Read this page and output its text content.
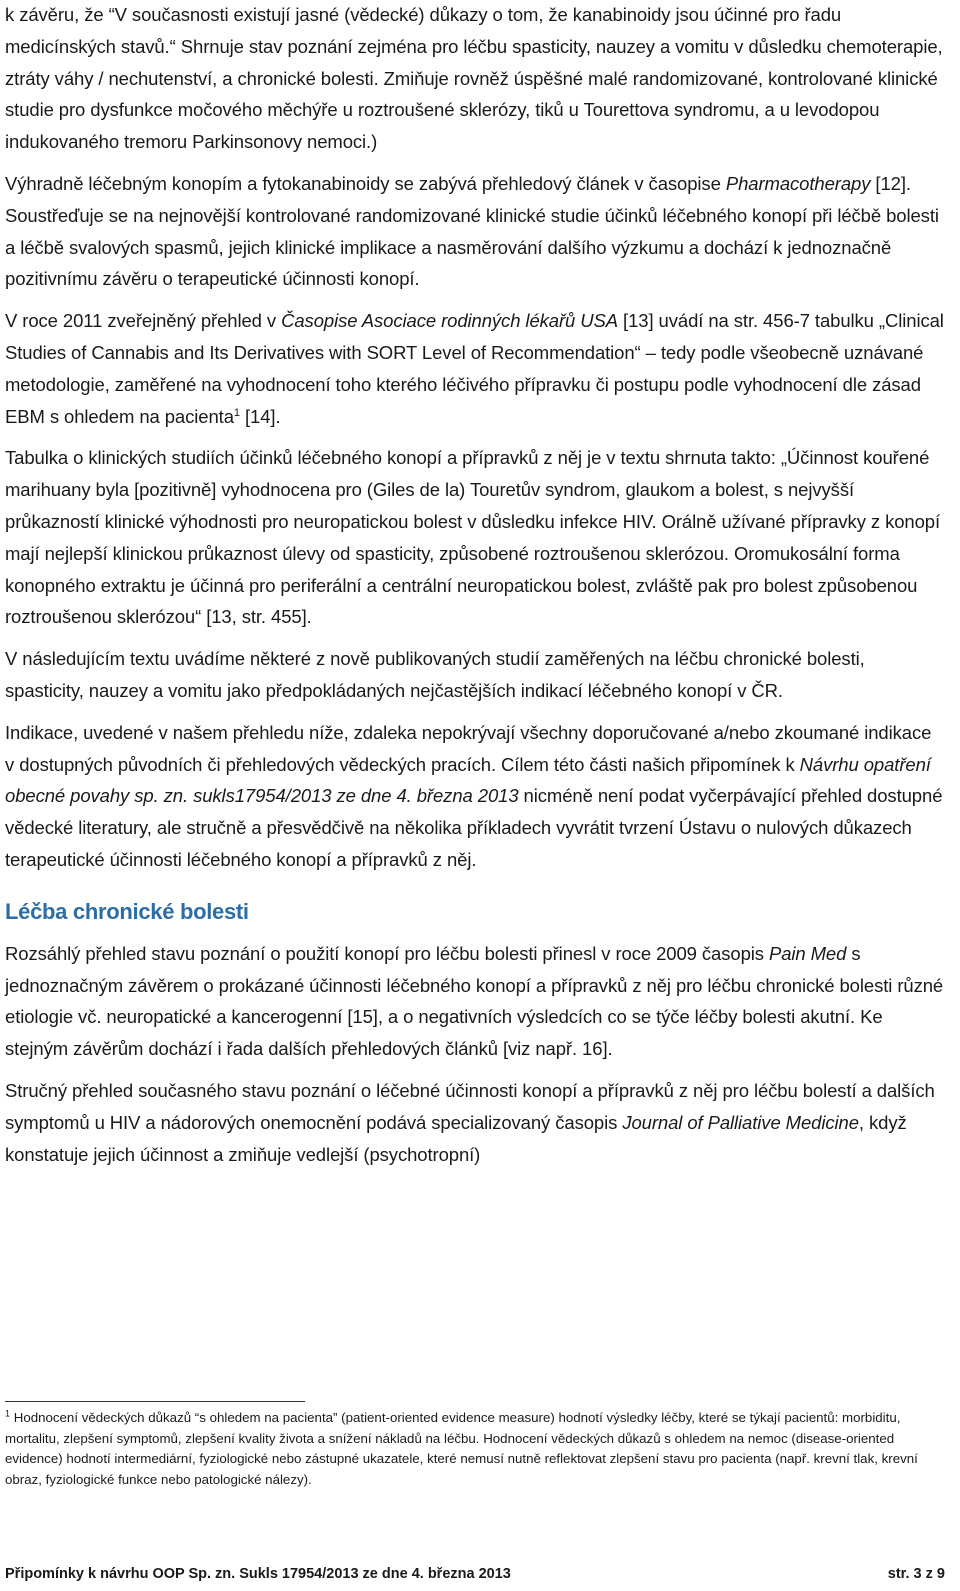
k závěru, že “V současnosti existují jasné (vědecké) důkazy o tom, že kanabinoidy jsou účinné pro řadu medicínských stavů.“ Shrnuje stav poznání zejména pro léčbu spasticity, nauzey a vomitu v důsledku chemoterapie, ztráty váhy / nechutenství, a chronické bolesti. Zmiňuje rovněž úspěšné malé randomizované, kontrolované klinické studie pro dysfunkce močového měchýře u roztroušené sklerózy, tiků u Tourettova syndromu, a u levodopou indukovaného tremoru Parkinsonovy nemoci.)

Výhradně léčebným konopím a fytokanabinoidy se zabývá přehledový článek v časopise Pharmacotherapy [12]. Soustřeďuje se na nejnovější kontrolované randomizované klinické studie účinků léčebného konopí při léčbě bolesti a léčbě svalových spasmů, jejich klinické implikace a nasměrování dalšího výzkumu a dochází k jednoznačně pozitivnímu závěru o terapeutické účinnosti konopí.

V roce 2011 zveřejněný přehled v Časopise Asociace rodinných lékařů USA [13] uvádí na str. 456-7 tabulku „Clinical Studies of Cannabis and Its Derivatives with SORT Level of Recommendation“ – tedy podle všeobecně uznávané metodologie, zaměřené na vyhodnocení toho kterého léčivého přípravku či postupu podle vyhodnocení dle zásad EBM s ohledem na pacienta$^1$ [14].

Tabulka o klinických studiích účinků léčebného konopí a přípravků z něj je v textu shrnuta takto: „Účinnost kouřené marihuany byla [pozitivně] vyhodnocena pro (Giles de la) Touretův syndrom, glaukom a bolest, s nejvyšší průkazností klinické výhodnosti pro neuropatickou bolest v důsledku infekce HIV. Orálně užívané přípravky z konopí mají nejlepší klinickou průkaznost úlevy od spasticity, způsobené roztroušenou sklerózou. Oromukosální forma konopného extraktu je účinná pro periferální a centrální neuropatickou bolest, zvláště pak pro bolest způsobenou roztroušenou sklerózou“ [13, str. 455].

V následujícím textu uvádíme některé z nově publikovaných studií zaměřených na léčbu chronické bolesti, spasticity, nauzey a vomitu jako předpokládaných nejčastějších indikací léčebného konopí v ČR.

Indikace, uvedené v našem přehledu níže, zdaleka nepokrývají všechny doporučované a/nebo zkoumané indikace v dostupných původních či přehledových vědeckých pracích. Cílem této části našich připomínek k Návrhu opatření obecné povahy sp. zn. sukls17954/2013 ze dne 4. března 2013 nicméně není podat vyčerpávající přehled dostupné vědecké literatury, ale stručně a přesvědčivě na několika příkladech vyvrátit tvrzení Ústavu o nulových důkazech terapeutické účinnosti léčebného konopí a přípravků z něj.

Léčba chronické bolesti

Rozsáhlý přehled stavu poznání o použití konopí pro léčbu bolesti přinesl v roce 2009 časopis Pain Med s jednoznačným závěrem o prokázané účinnosti léčebného konopí a přípravků z něj pro léčbu chronické bolesti různé etiologie vč. neuropatické a kancerogenní [15], a o negativních výsledcích co se týče léčby bolesti akutní. Ke stejným závěrům dochází i řada dalších přehledových článků [viz např. 16].

Stručný přehled současného stavu poznání o léčebné účinnosti konopí a přípravků z něj pro léčbu bolestí a dalších symptomů u HIV a nádorových onemocnění podává specializovaný časopis Journal of Palliative Medicine, když konstatuje jejich účinnost a zmiňuje vedlejší (psychotropní)

$^1$ Hodnocení vědeckých důkazů “s ohledem na pacienta” (patient-oriented evidence measure) hodnotí výsledky léčby, které se týkají pacientů: morbiditu, mortalitu, zlepšení symptomů, zlepšení kvality života a snížení nákladů na léčbu. Hodnocení vědeckých důkazů s ohledem na nemoc (disease-oriented evidence) hodnotí intermediární, fyziologické nebo zástupné ukazatele, které nemusí nutně reflektovat zlepšení stavu pro pacienta (např. krevní tlak, krevní obraz, fyziologické funkce nebo patologické nálezy).
Připomínky k návrhu OOP Sp. zn. Sukls 17954/2013 ze dne 4. března 2013	str. 3 z 9
